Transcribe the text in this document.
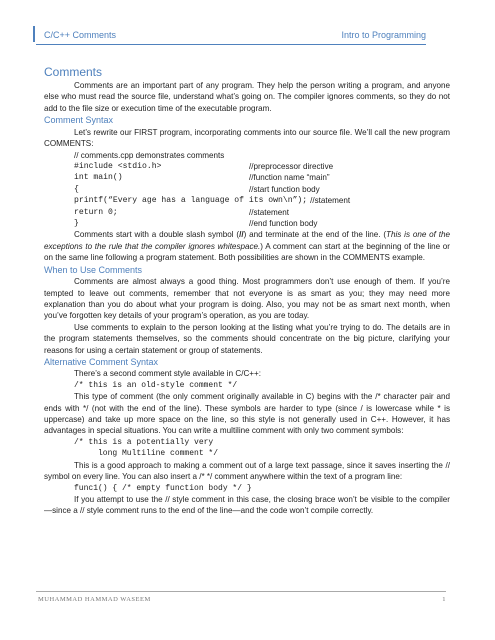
C/C++ Comments	Intro to Programming
Comments

Comments are an important part of any program. They help the person writing a program, and anyone else who must read the source file, understand what’s going on. The compiler ignores comments, so they do not add to the file size or execution time of the executable program.

Comment Syntax

Let’s rewrite our FIRST program, incorporating comments into our source file. We’ll call the new program COMMENTS:

// comments.cpp demonstrates comments
#include <stdio.h>	//preprocessor directive
int main()	//function name “main”
{	//start function body
printf(“Every age has a language of its own\n”); //statement
return 0;	//statement
}	//end function body

Comments start with a double slash symbol (//) and terminate at the end of the line. (This is one of the exceptions to the rule that the compiler ignores whitespace.) A comment can start at the beginning of the line or on the same line following a program statement. Both possibilities are shown in the COMMENTS example.

When to Use Comments

Comments are almost always a good thing. Most programmers don’t use enough of them. If you’re tempted to leave out comments, remember that not everyone is as smart as you; they may need more explanation than you do about what your program is doing. Also, you may not be as smart next month, when you’ve forgotten key details of your program’s operation, as you are today.

Use comments to explain to the person looking at the listing what you’re trying to do. The details are in the program statements themselves, so the comments should concentrate on the big picture, clarifying your reasons for using a certain statement or group of statements.

Alternative Comment Syntax

There’s a second comment style available in C/C++:

/* this is an old-style comment */

This type of comment (the only comment originally available in C) begins with the /* character pair and ends with */ (not with the end of the line). These symbols are harder to type (since / is lowercase while * is uppercase) and take up more space on the line, so this style is not generally used in C++. However, it has advantages in special situations. You can write a multiline comment with only two comment symbols:

/* this is a potentially very
long Multiline comment */

This is a good approach to making a comment out of a large text passage, since it saves inserting the // symbol on every line. You can also insert a /* */ comment anywhere within the text of a program line:

func1() { /* empty function body */ }

If you attempt to use the // style comment in this case, the closing brace won’t be visible to the compiler—since a // style comment runs to the end of the line—and the code won’t compile correctly.

MUHAMMAD HAMMAD WASEEM	1
